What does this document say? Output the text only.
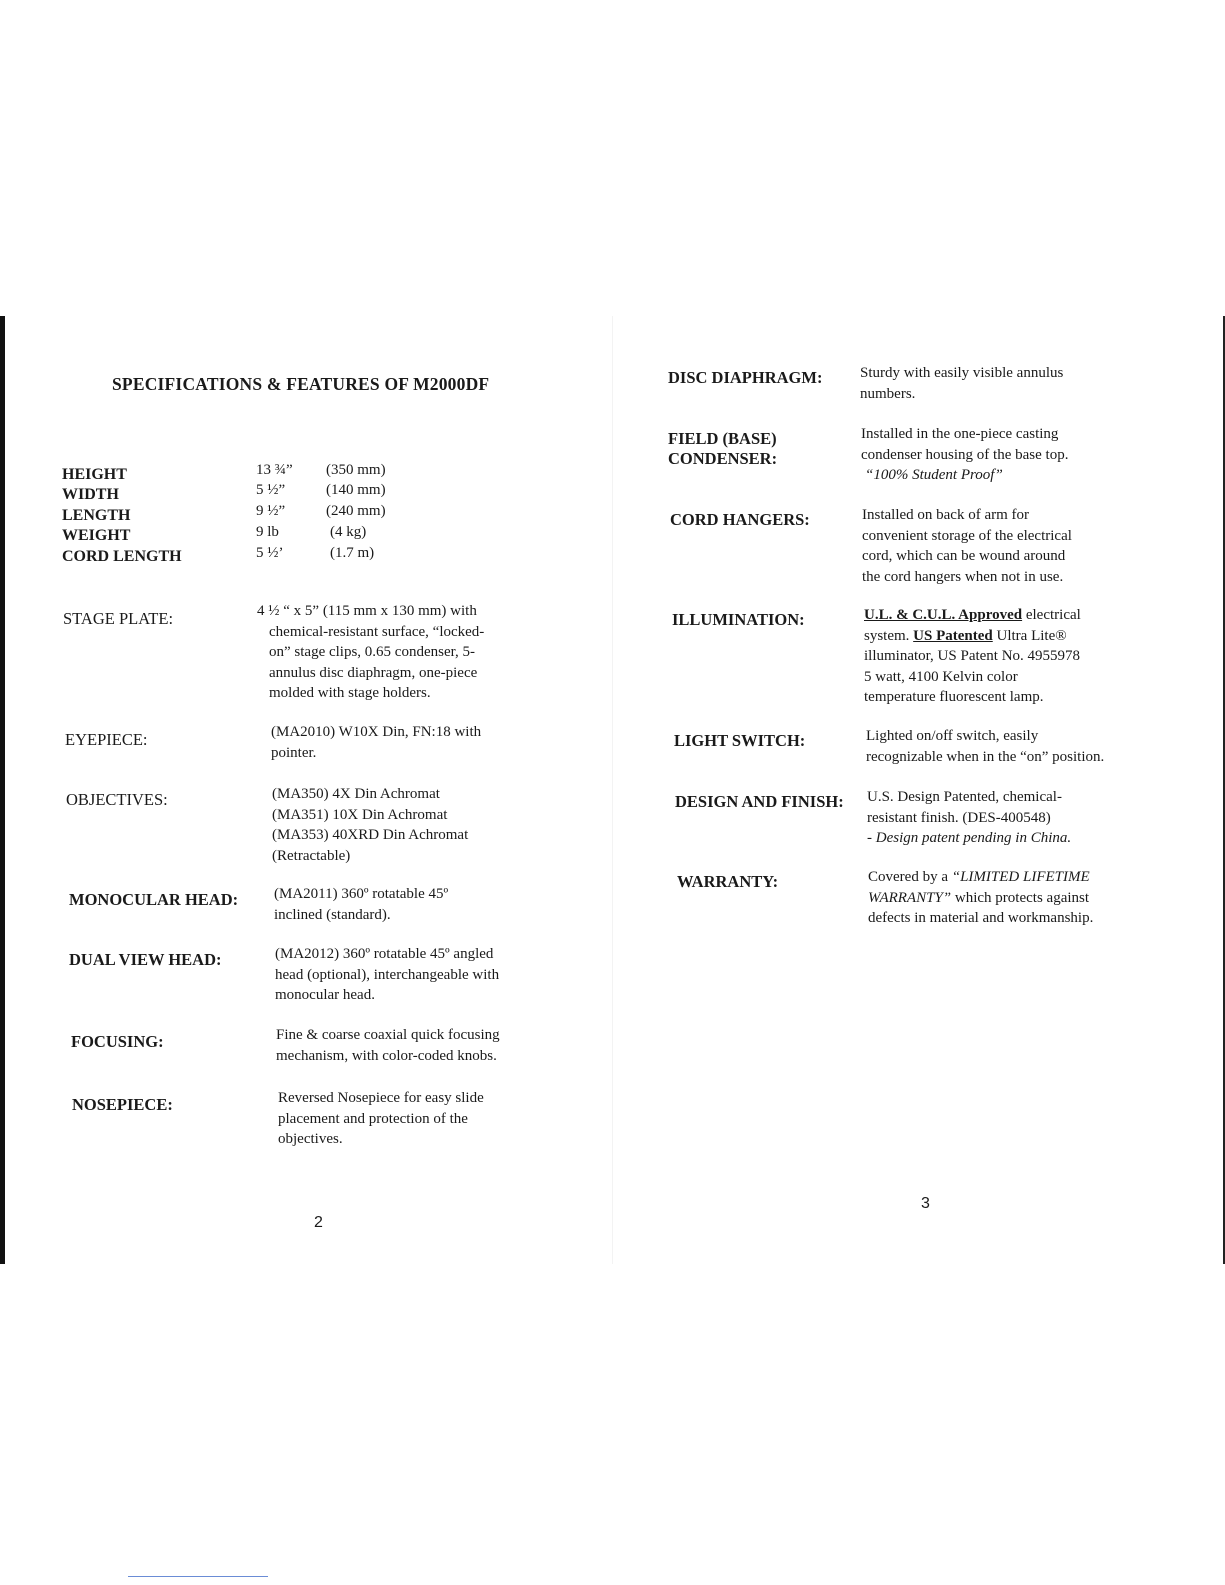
SPECIFICATIONS & FEATURES OF M2000DF
HEIGHT	13 ¾” (350 mm)
WIDTH	5 ½”	(140 mm)
LENGTH	9 ½”	(240 mm)
WEIGHT	9 lb	(4 kg)
CORD LENGTH	5 ½’	(1.7 m)
STAGE PLATE:	4 ½ “ x 5” (115 mm x 130 mm) with
chemical-resistant surface, “locked-
on” stage clips, 0.65 condenser, 5-
annulus disc diaphragm, one-piece
molded with stage holders.
EYEPIECE:	(MA2010) W10X Din, FN:18 with
pointer.
OBJECTIVES:	(MA350) 4X Din Achromat
(MA351) 10X Din Achromat
(MA353) 40XRD Din Achromat
(Retractable)
MONOCULAR HEAD: (MA2011) 360º rotatable 45º
inclined (standard).
DUAL VIEW HEAD:	(MA2012) 360º rotatable 45º angled
head (optional), interchangeable with
monocular head.
FOCUSING:	Fine & coarse coaxial quick focusing
mechanism, with color-coded knobs.
NOSEPIECE:	Reversed Nosepiece for easy slide
placement and protection of the
objectives.
2
DISC DIAPHRAGM:	Sturdy with easily visible annulus
numbers.
FIELD (BASE)
CONDENSER:
Installed in the one-piece casting
condenser housing of the base top.
“100% Student Proof”
CORD HANGERS:	Installed on back of arm for
convenient storage of the electrical
cord, which can be wound around
the cord hangers when not in use.
ILLUMINATION:	U.L. & C.U.L. Approved electrical
system. US Patented Ultra Lite®
illuminator, US Patent No. 4955978
5 watt, 4100 Kelvin color
temperature fluorescent lamp.
LIGHT SWITCH:	Lighted on/off switch, easily
recognizable when in the “on” position.
DESIGN AND FINISH: U.S. Design Patented, chemical-
resistant finish. (DES-400548)
- Design patent pending in China.
WARRANTY:	Covered by a “LIMITED LIFETIME
WARRANTY” which protects against
defects in material and workmanship.
3
